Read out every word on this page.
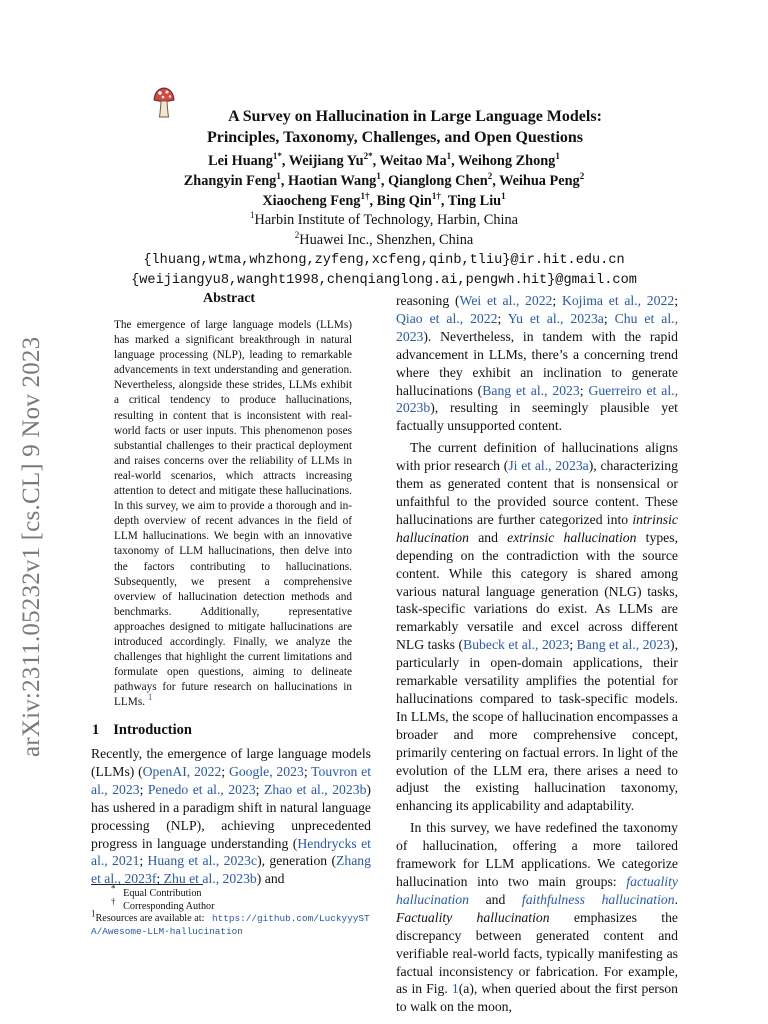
arXiv:2311.05232v1 [cs.CL] 9 Nov 2023
A Survey on Hallucination in Large Language Models:
Principles, Taxonomy, Challenges, and Open Questions
Lei Huang$^{1*}$, Weijiang $Yu^{2*}$, Weitao Ma$^1$, Weihong Zhong$^1$
Zhangyin Feng$^1$, Haotian Wang$^1$, Qianglong Chen$^2$, Weihua Peng$^2$
Xiaocheng Feng$^{1\dagger}$, Bing Qin$^{1\dagger}$, Ting Liu$^1$
$^1$Harbin Institute of Technology, Harbin, China
$^2$Huawei Inc., Shenzhen, China
{lhuang,wtma,whzhong,zyfeng,xcfeng,qinb,tliu}@ir.hit.edu.cn
{weijiangyu8,wanght1998,chenqianglong.ai,pengwh.hit}@gmail.com
Abstract
The emergence of large language models (LLMs) has marked a significant breakthrough in natural language processing (NLP), leading to remarkable advancements in text understanding and generation. Nevertheless, alongside these strides, LLMs exhibit a critical tendency to produce hallucinations, resulting in content that is inconsistent with real-world facts or user inputs. This phenomenon poses substantial challenges to their practical deployment and raises concerns over the reliability of LLMs in real-world scenarios, which attracts increasing attention to detect and mitigate these hallucinations. In this survey, we aim to provide a thorough and in-depth overview of recent advances in the field of LLM hallucinations. We begin with an innovative taxonomy of LLM hallucinations, then delve into the factors contributing to hallucinations. Subsequently, we present a comprehensive overview of hallucination detection methods and benchmarks. Additionally, representative approaches designed to mitigate hallucinations are introduced accordingly. Finally, we analyze the challenges that highlight the current limitations and formulate open questions, aiming to delineate pathways for future research on hallucinations in LLMs. $^1$
1 Introduction
Recently, the emergence of large language models (LLMs) (OpenAI, 2022; Google, 2023; Touvron et al., 2023; Penedo et al., 2023; Zhao et al., 2023b) has ushered in a paradigm shift in natural language processing (NLP), achieving unprecedented progress in language understanding (Hendrycks et al., 2021; Huang et al., 2023c), generation (Zhang et al., 2023f; Zhu et al., 2023b) and
* Equal Contribution
† Corresponding Author
$^1$Resources are available at: https://github.com/LuckyyySTA/Awesome-LLM-hallucination

reasoning (Wei et al., 2022; Kojima et al., 2022; Qiao et al., 2022; Yu et al., 2023a; Chu et al., 2023). Nevertheless, in tandem with the rapid advancement in LLMs, there’s a concerning trend where they exhibit an inclination to generate hallucinations (Bang et al., 2023; Guerreiro et al., 2023b), resulting in seemingly plausible yet factually unsupported content.

The current definition of hallucinations aligns with prior research (Ji et al., 2023a), characterizing them as generated content that is nonsensical or unfaithful to the provided source content. These hallucinations are further categorized into intrinsic hallucination and extrinsic hallucination types, depending on the contradiction with the source content. While this category is shared among various natural language generation (NLG) tasks, task-specific variations do exist. As LLMs are remarkably versatile and excel across different NLG tasks (Bubeck et al., 2023; Bang et al., 2023), particularly in open-domain applications, their remarkable versatility amplifies the potential for hallucinations compared to task-specific models. In LLMs, the scope of hallucination encompasses a broader and more comprehensive concept, primarily centering on factual errors. In light of the evolution of the LLM era, there arises a need to adjust the existing hallucination taxonomy, enhancing its applicability and adaptability.

In this survey, we have redefined the taxonomy of hallucination, offering a more tailored framework for LLM applications. We categorize hallucination into two main groups: factuality hallucination and faithfulness hallucination. Factuality hallucination emphasizes the discrepancy between generated content and verifiable real-world facts, typically manifesting as factual inconsistency or fabrication. For example, as in Fig. 1(a), when queried about the first person to walk on the moon,
